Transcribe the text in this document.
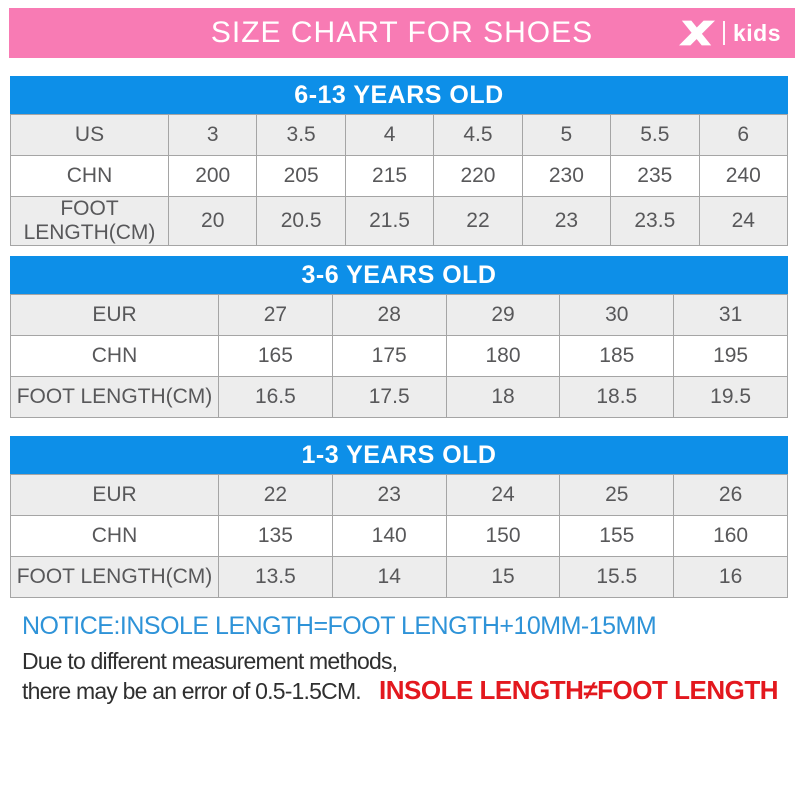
SIZE CHART FOR SHOES	kids
6-13 YEARS OLD
US	3	3.5	4	4.5	5	5.5	6
CHN	200	205	215	220	230	235	240
FOOT LENGTH(CM)	20	20.5	21.5	22	23	23.5	24
3-6 YEARS OLD
EUR	27	28	29	30	31
CHN	165	175	180	185	195
FOOT LENGTH(CM)	16.5	17.5	18	18.5	19.5
1-3 YEARS OLD
EUR	22	23	24	25	26
CHN	135	140	150	155	160
FOOT LENGTH(CM)	13.5	14	15	15.5	16
NOTICE:INSOLE LENGTH=FOOT LENGTH+10MM-15MM
Due to different measurement methods,
there may be an error of 0.5-1.5CM. INSOLE LENGTH≠FOOT LENGTH
